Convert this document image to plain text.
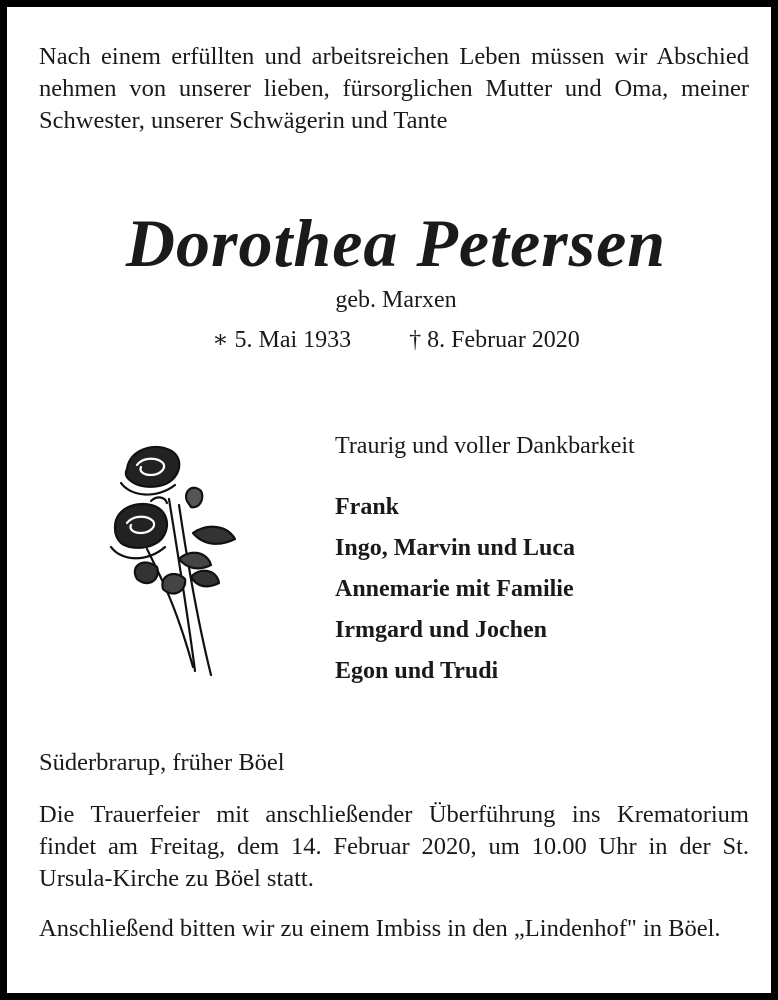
Nach einem erfüllten und arbeitsreichen Leben müssen wir Abschied nehmen von unserer lieben, fürsorglichen Mutter und Oma, meiner Schwester, unserer Schwägerin und Tante
Dorothea Petersen
geb. Marxen
∗ 5. Mai 1933 † 8. Februar 2020
Traurig und voller Dankbarkeit
Frank
Ingo, Marvin und Luca
Annemarie mit Familie
Irmgard und Jochen
Egon und Trudi
Süderbrarup, früher Böel
Die Trauerfeier mit anschließender Überführung ins Krematorium findet am Freitag, dem 14. Februar 2020, um 10.00 Uhr in der St. Ursula-Kirche zu Böel statt.
Anschließend bitten wir zu einem Imbiss in den „Lindenhof" in Böel.
